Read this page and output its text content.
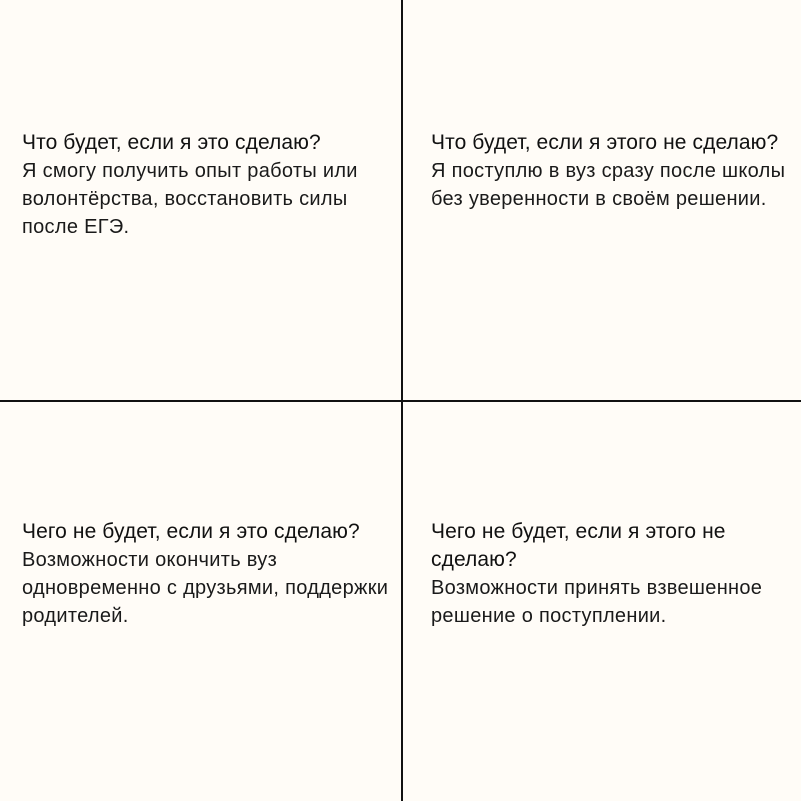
Что будет, если я это сделаю?

Я смогу получить опыт работы или волонтёрства, восстановить силы после ЕГЭ.

Что будет, если я этого не сделаю?

Я поступлю в вуз сразу после школы без уверенности в своём решении.

Чего не будет, если я это сделаю?

Возможности окончить вуз одновременно с друзьями, поддержки родителей.

Чего не будет, если я этого не сделаю?

Возможности принять взвешенное решение о поступлении.
